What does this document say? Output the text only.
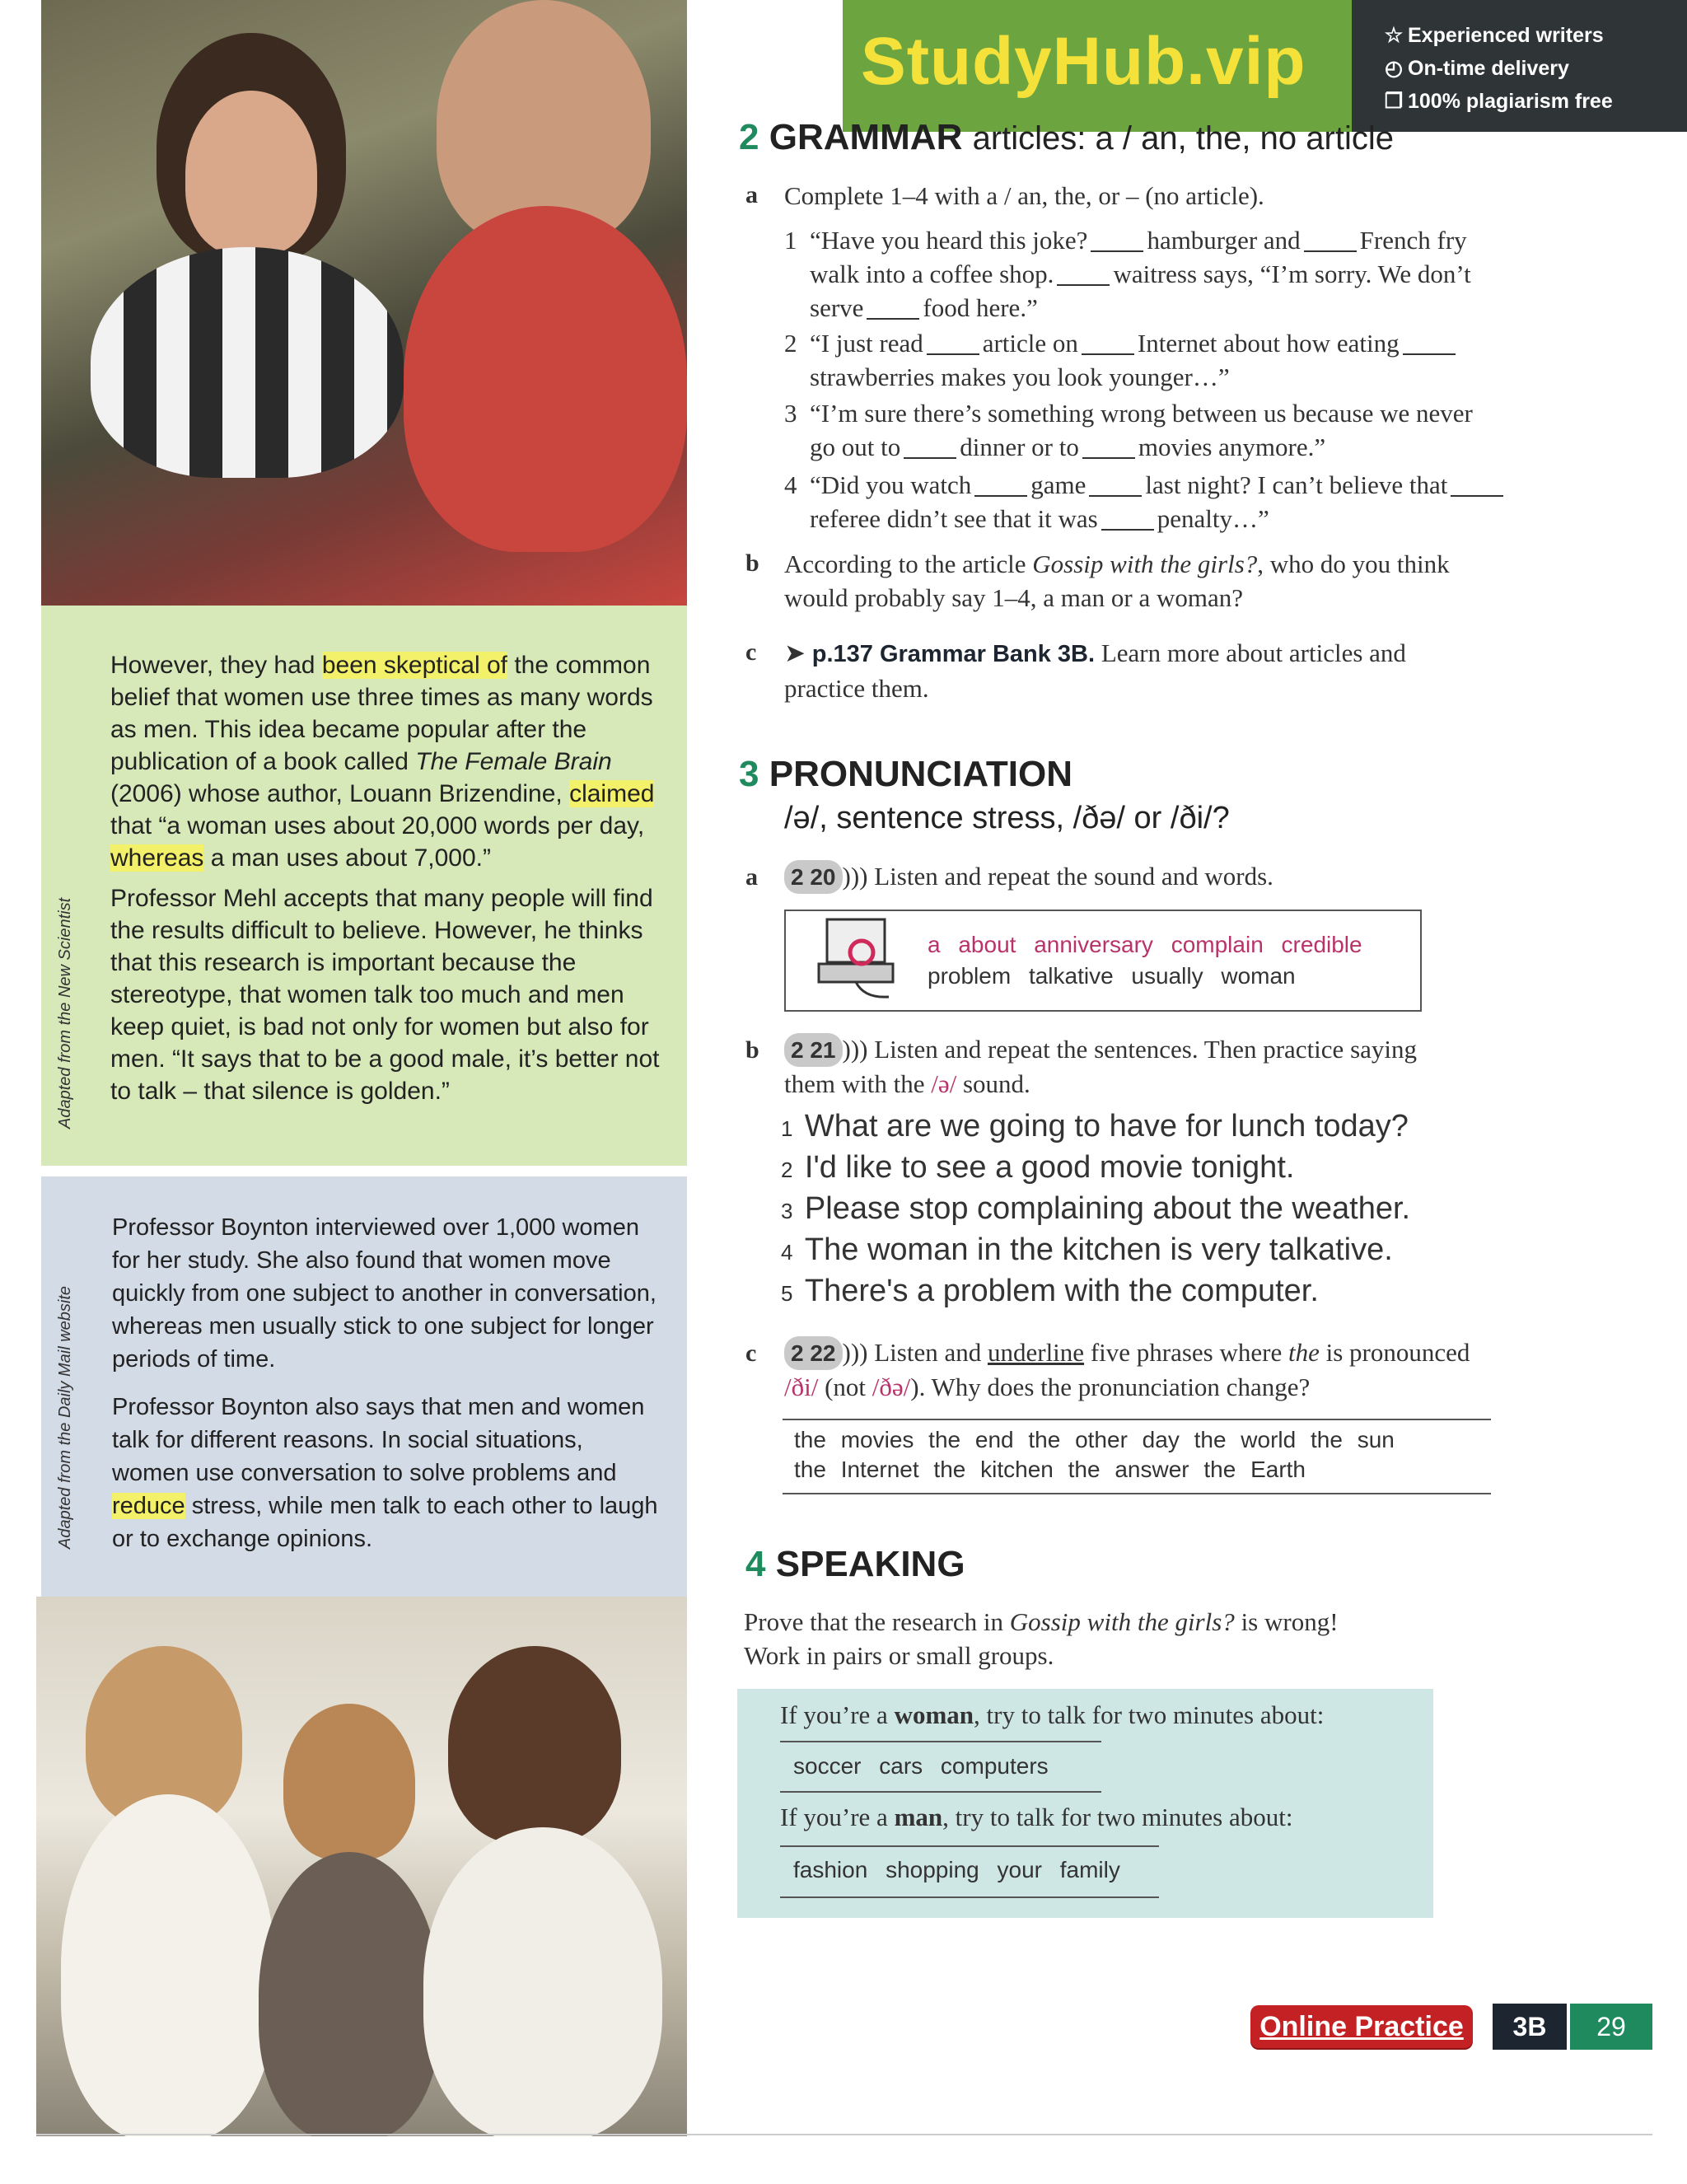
Adapted from the New Scientist

However, they had been skeptical of the common belief that women use three times as many words as men. This idea became popular after the publication of a book called The Female Brain (2006) whose author, Louann Brizendine, claimed that “a woman uses about 20,000 words per day, whereas a man uses about 7,000.”

Professor Mehl accepts that many people will find the results difficult to believe. However, he thinks that this research is important because the stereotype, that women talk too much and men keep quiet, is bad not only for women but also for men. “It says that to be a good male, it’s better not to talk – that silence is golden.”

Adapted from the Daily Mail website

Professor Boynton interviewed over 1,000 women for her study. She also found that women move quickly from one subject to another in conversation, whereas men usually stick to one subject for longer periods of time.

Professor Boynton also says that men and women talk for different reasons. In social situations, women use conversation to solve problems and reduce stress, while men talk to each other to laugh or to exchange opinions.

StudyHub.vip	☆ Experienced writers
◴ On-time delivery
❐ 100% plagiarism free
2 GRAMMAR articles: a / an, the, no article
a Complete 1–4 with a / an, the, or – (no article).
1 “Have you heard this joke? hamburger and French fry
walk into a coffee shop. waitress says, “I’m sorry. We don’t
serve food here.”
2 “I just read article on Internet about how eating
strawberries makes you look younger…”
3 “I’m sure there’s something wrong between us because we never
go out to dinner or to movies anymore.”
4 “Did you watch game last night? I can’t believe that
referee didn’t see that it was penalty…”
b According to the article Gossip with the girls?, who do you think
would probably say 1–4, a man or a woman?
c ➤ p.137 Grammar Bank 3B. Learn more about articles and
practice them.
3 PRONUNCIATION
/ə/, sentence stress, /ðə/ or /ði/?
a 2 20 ))) Listen and repeat the sound and words.
a about anniversary complain credible
problem talkative usually woman
b 2 21 ))) Listen and repeat the sentences. Then practice saying
them with the /ə/ sound.
1 What are we going to have for lunch today?
2 I'd like to see a good movie tonight.
3 Please stop complaining about the weather.
4 The woman in the kitchen is very talkative.
5 There's a problem with the computer.
c 2 22 ))) Listen and underline five phrases where the is pronounced
/ði/ (not /ðə/). Why does the pronunciation change?
the movies the end the other day the world the sun
the Internet the kitchen the answer the Earth
4 SPEAKING
Prove that the research in Gossip with the girls? is wrong!
Work in pairs or small groups.
If you’re a woman, try to talk for two minutes about:
soccer cars computers
If you’re a man, try to talk for two minutes about:
fashion shopping your family
Online Practice	3B	29
